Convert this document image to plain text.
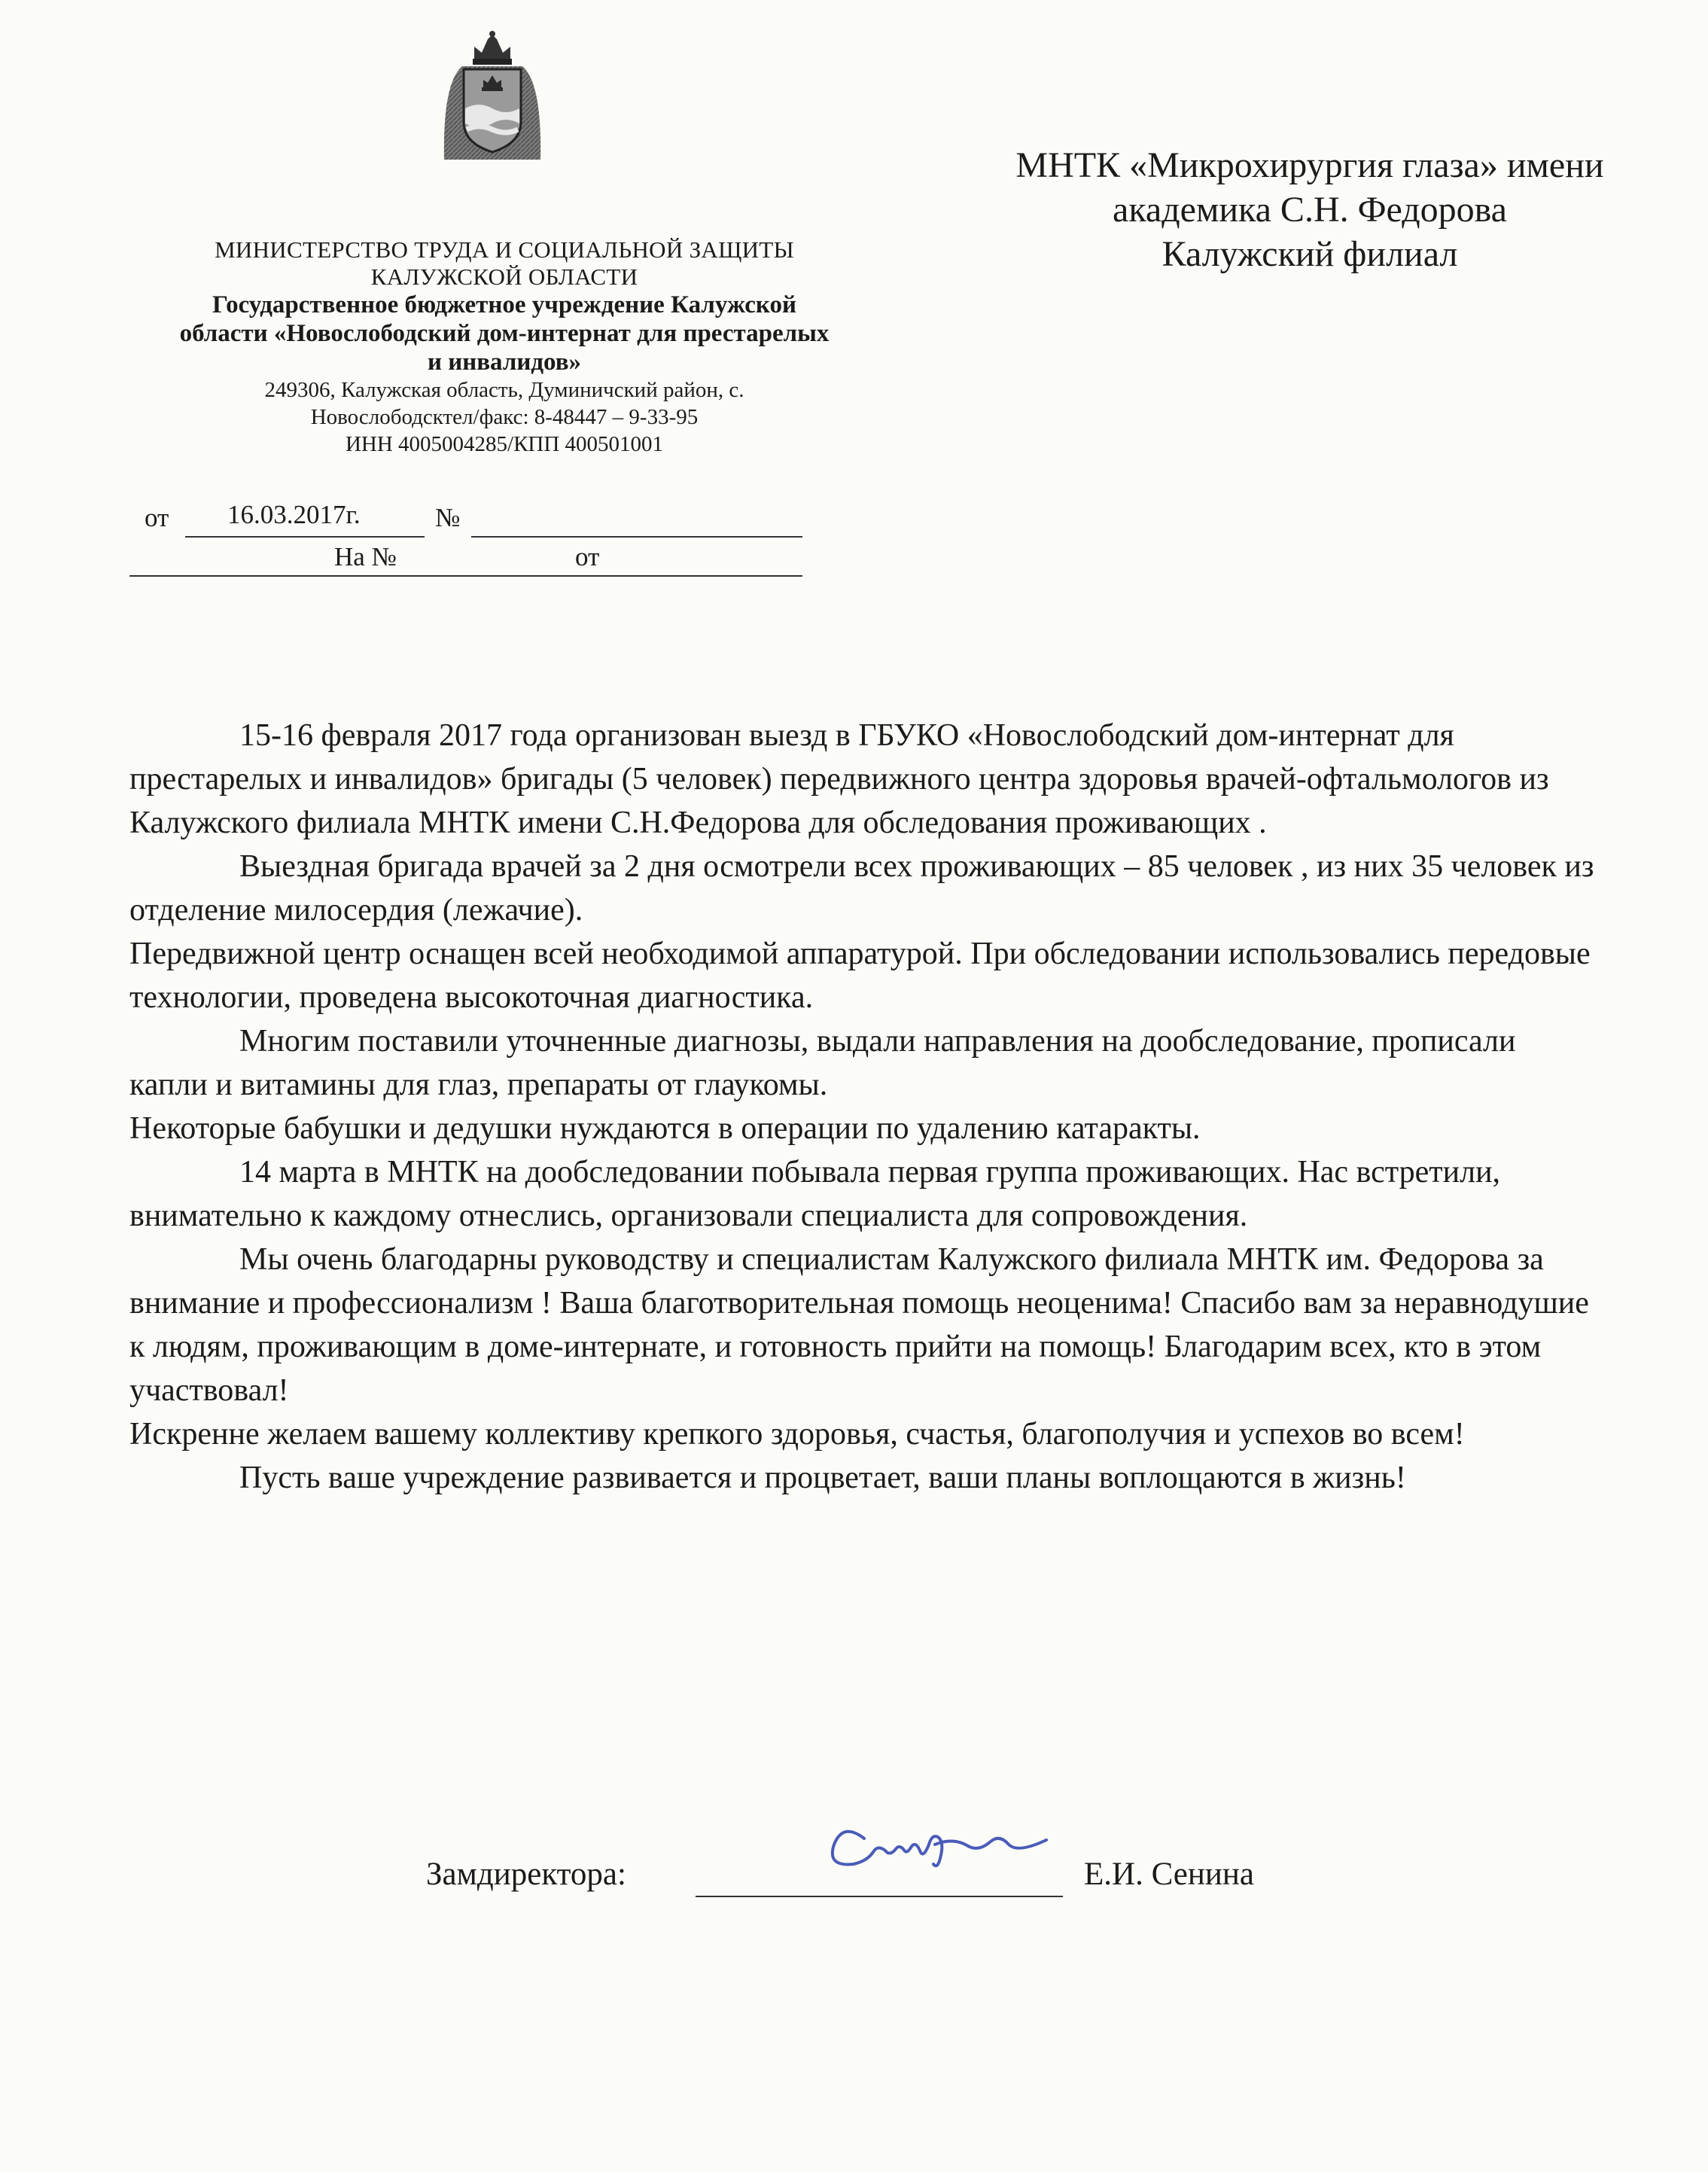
МИНИСТЕРСТВО ТРУДА И СОЦИАЛЬНОЙ ЗАЩИТЫ
КАЛУЖСКОЙ ОБЛАСТИ
Государственное бюджетное учреждение Калужской
области «Новослободский дом-интернат для престарелых
и инвалидов»
249306, Калужская область, Думиничский район, с.
Новослободсктел/факс: 8-48447 – 9-33-95
ИНН 4005004285/КПП 400501001
МНТК «Микрохирургия глаза» имени
академика С.Н. Федорова
Калужский филиал
от 16.03.2017г.	№
На №	от

15-16 февраля 2017 года организован выезд в ГБУКО «Новослободский дом-интернат для престарелых и инвалидов» бригады (5 человек) передвижного центра здоровья врачей-офтальмологов из Калужского филиала МНТК имени С.Н.Федорова для обследования проживающих .

Выездная бригада врачей за 2 дня осмотрели всех проживающих – 85 человек , из них 35 человек из отделение милосердия (лежачие).

Передвижной центр оснащен всей необходимой аппаратурой. При обследовании использовались передовые технологии, проведена высокоточная диагностика.

Многим поставили уточненные диагнозы, выдали направления на дообследование, прописали капли и витамины для глаз, препараты от глаукомы.

Некоторые бабушки и дедушки нуждаются в операции по удалению катаракты.

14 марта в МНТК на дообследовании побывала первая группа проживающих. Нас встретили, внимательно к каждому отнеслись, организовали специалиста для сопровождения.

Мы очень благодарны руководству и специалистам Калужского филиала МНТК им. Федорова за внимание и профессионализм ! Ваша благотворительная помощь неоценима! Спасибо вам за неравнодушие к людям, проживающим в доме-интернате, и готовность прийти на помощь! Благодарим всех, кто в этом участвовал!

Искренне желаем вашему коллективу крепкого здоровья, счастья, благополучия и успехов во всем!

Пусть ваше учреждение развивается и процветает, ваши планы воплощаются в жизнь!

Замдиректора:	Е.И. Сенина
